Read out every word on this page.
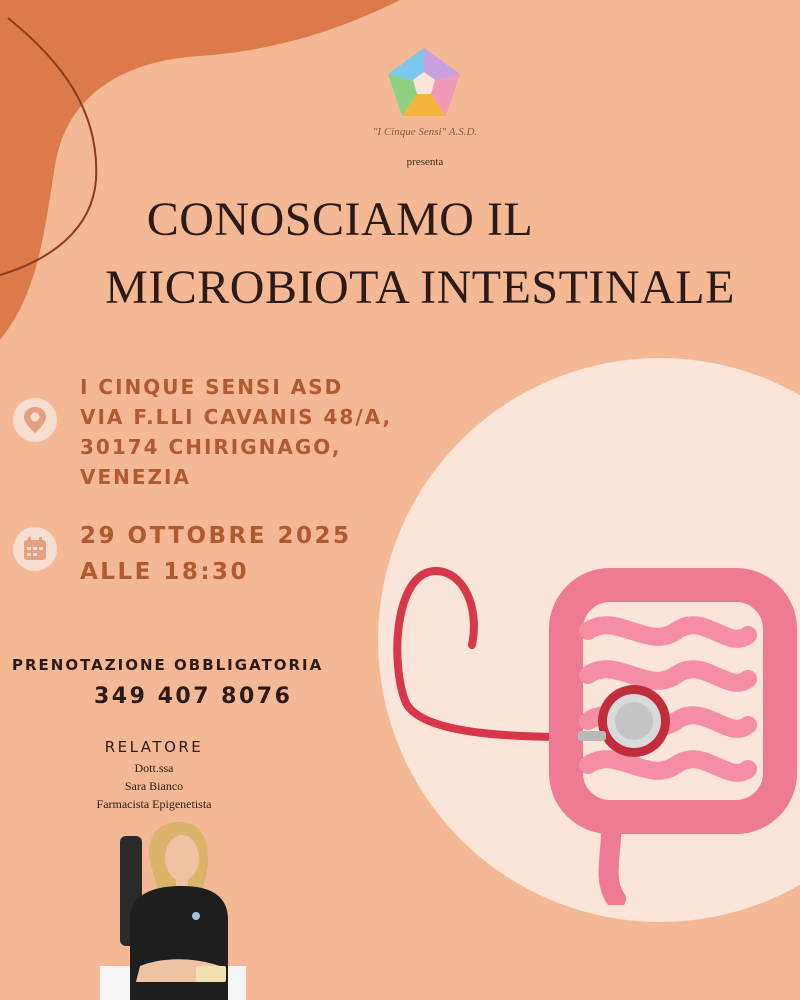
"I Cinque Sensi" A.S.D.
presenta
CONOSCIAMO IL
MICROBIOTA INTESTINALE
I CINQUE SENSI ASD
VIA F.LLI CAVANIS 48/A,
30174 CHIRIGNAGO,
VENEZIA
29 OTTOBRE 2025
ALLE 18:30
PRENOTAZIONE OBBLIGATORIA
349 407 8076
RELATORE
Dott.ssa
Sara Bianco
Farmacista Epigenetista
